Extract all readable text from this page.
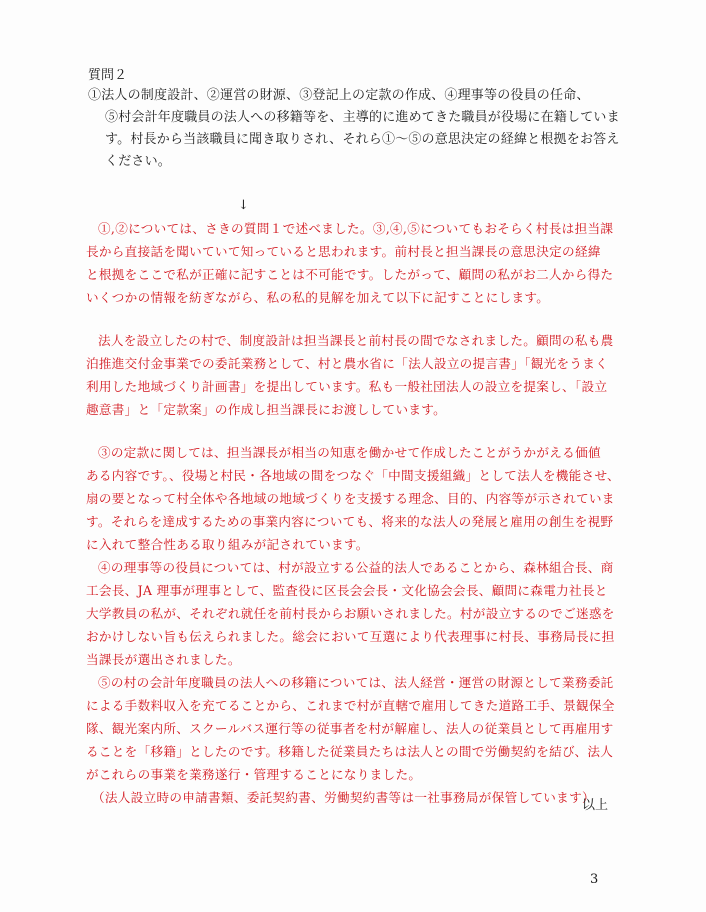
質問２
①法人の制度設計、②運営の財源、③登記上の定款の作成、④理事等の役員の任命、
⑤村会計年度職員の法人への移籍等を、主導的に進めてきた職員が役場に在籍していま
す。村長から当該職員に聞き取りされ、それら①～⑤の意思決定の経緯と根拠をお答え
ください。
↓
①,②については、さきの質問１で述べました。③,④,⑤についてもおそらく村長は担当課
長から直接話を聞いていて知っていると思われます。前村長と担当課長の意思決定の経緯
と根拠をここで私が正確に記すことは不可能です。したがって、顧問の私がお二人から得た
いくつかの情報を紡ぎながら、私の私的見解を加えて以下に記すことにします。
法人を設立したの村で、制度設計は担当課長と前村長の間でなされました。顧問の私も農
泊推進交付金事業での委託業務として、村と農水省に「法人設立の提言書」「観光をうまく
利用した地域づくり計画書」を提出しています。私も一般社団法人の設立を提案し、「設立
趣意書」と「定款案」の作成し担当課長にお渡ししています。
③の定款に関しては、担当課長が相当の知恵を働かせて作成したことがうかがえる価値
ある内容です。、役場と村民・各地域の間をつなぐ「中間支援組織」として法人を機能させ、
扇の要となって村全体や各地域の地域づくりを支援する理念、目的、内容等が示されていま
す。それらを達成するための事業内容についても、将来的な法人の発展と雇用の創生を視野
に入れて整合性ある取り組みが記されています。
④の理事等の役員については、村が設立する公益的法人であることから、森林組合長、商
工会長、JA 理事が理事として、監査役に区長会会長・文化協会会長、顧問に森電力社長と
大学教員の私が、それぞれ就任を前村長からお願いされました。村が設立するのでご迷惑を
おかけしない旨も伝えられました。総会において互選により代表理事に村長、事務局長に担
当課長が選出されました。
⑤の村の会計年度職員の法人への移籍については、法人経営・運営の財源として業務委託
による手数料収入を充てることから、これまで村が直轄で雇用してきた道路工手、景観保全
隊、観光案内所、スクールバス運行等の従事者を村が解雇し、法人の従業員として再雇用す
ることを「移籍」としたのです。移籍した従業員たちは法人との間で労働契約を結び、法人
がこれらの事業を業務遂行・管理することになりました。
（法人設立時の申請書類、委託契約書、労働契約書等は一社事務局が保管しています）
以上
3
